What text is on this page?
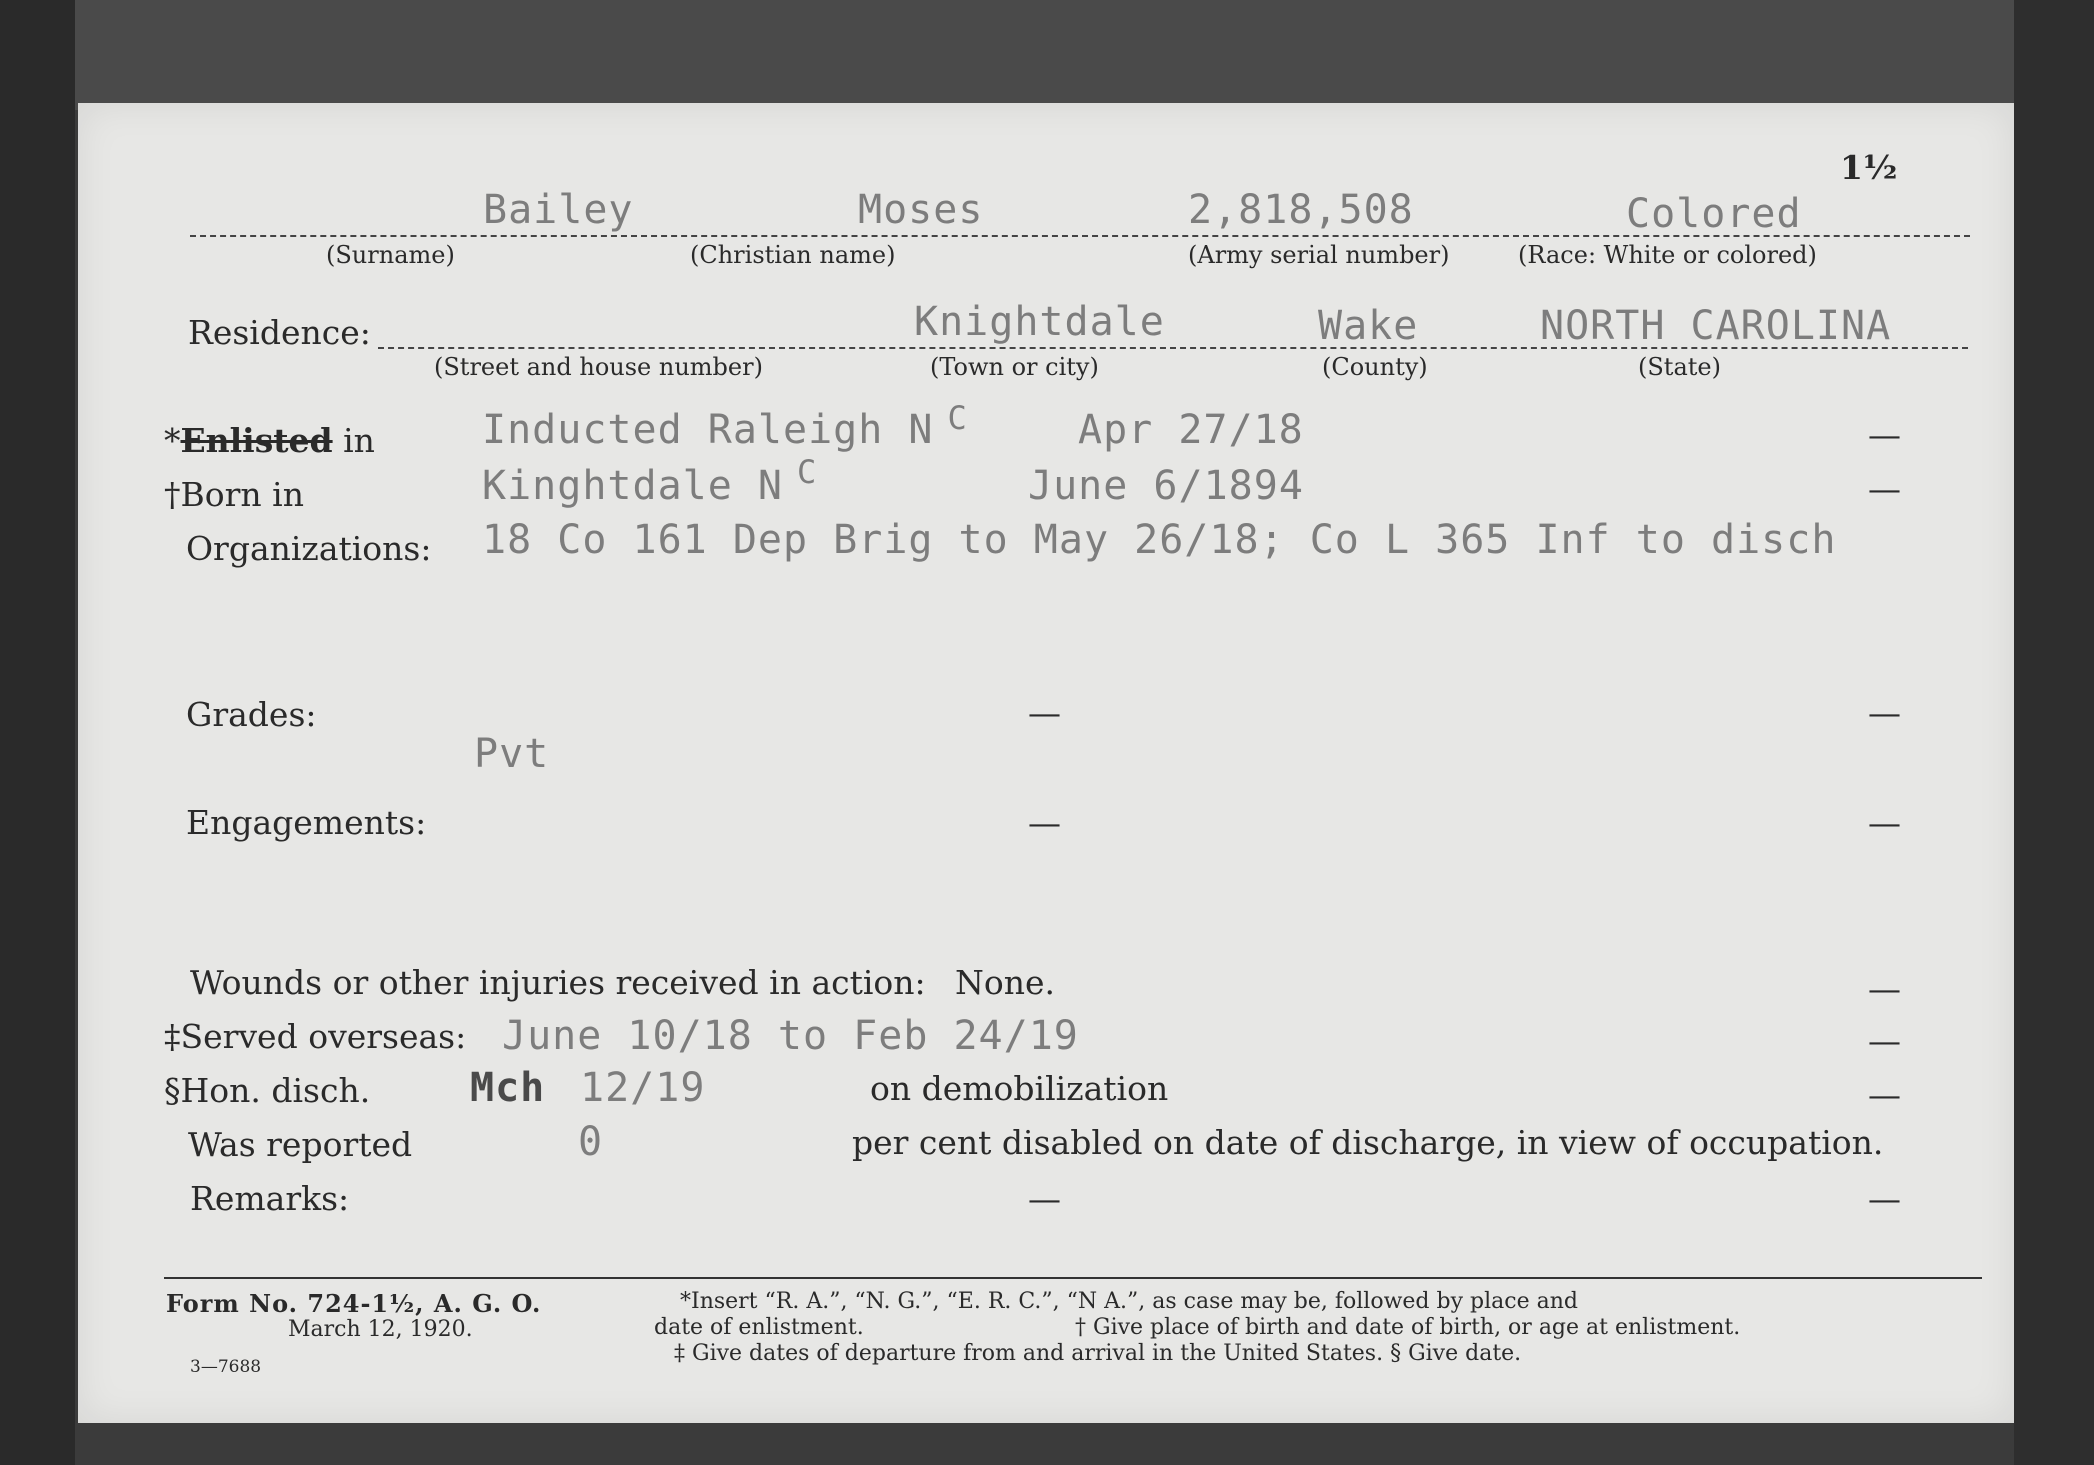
1½
Bailey	Moses	2,818,508	Colored
(Surname)	(Christian name)	(Army serial number)	(Race: White or colored)
Residence:	Knightdale	Wake	NORTH CAROLINA
(Street and house number)	(Town or city)	(County)	(State)
*Enlisted in	Inducted Raleigh N $^C$	Apr 27/18	—
†Born in	Kinghtdale N $^C$	June 6/1894	—
Organizations: 18 Co 161 Dep Brig to May 26/18; Co L 365 Inf to disch
Grades:	—	—
Pvt
Engagements:	—	—
Wounds or other injuries received in action: None.	—
‡Served overseas: June 10/18 to Feb 24/19	—
§Hon. disch. Mch 12/19	on demobilization	—
Was reported	0	per cent disabled on date of discharge, in view of occupation.
Remarks:	—	—
Form No. 724-1½, A. G. O.
March 12, 1920.
3—7688
*Insert “R. A.”, “N. G.”, “E. R. C.”, “N A.”, as case may be, followed by place and
date of enlistment.	† Give place of birth and date of birth, or age at enlistment.
‡ Give dates of departure from and arrival in the United States. § Give date.
